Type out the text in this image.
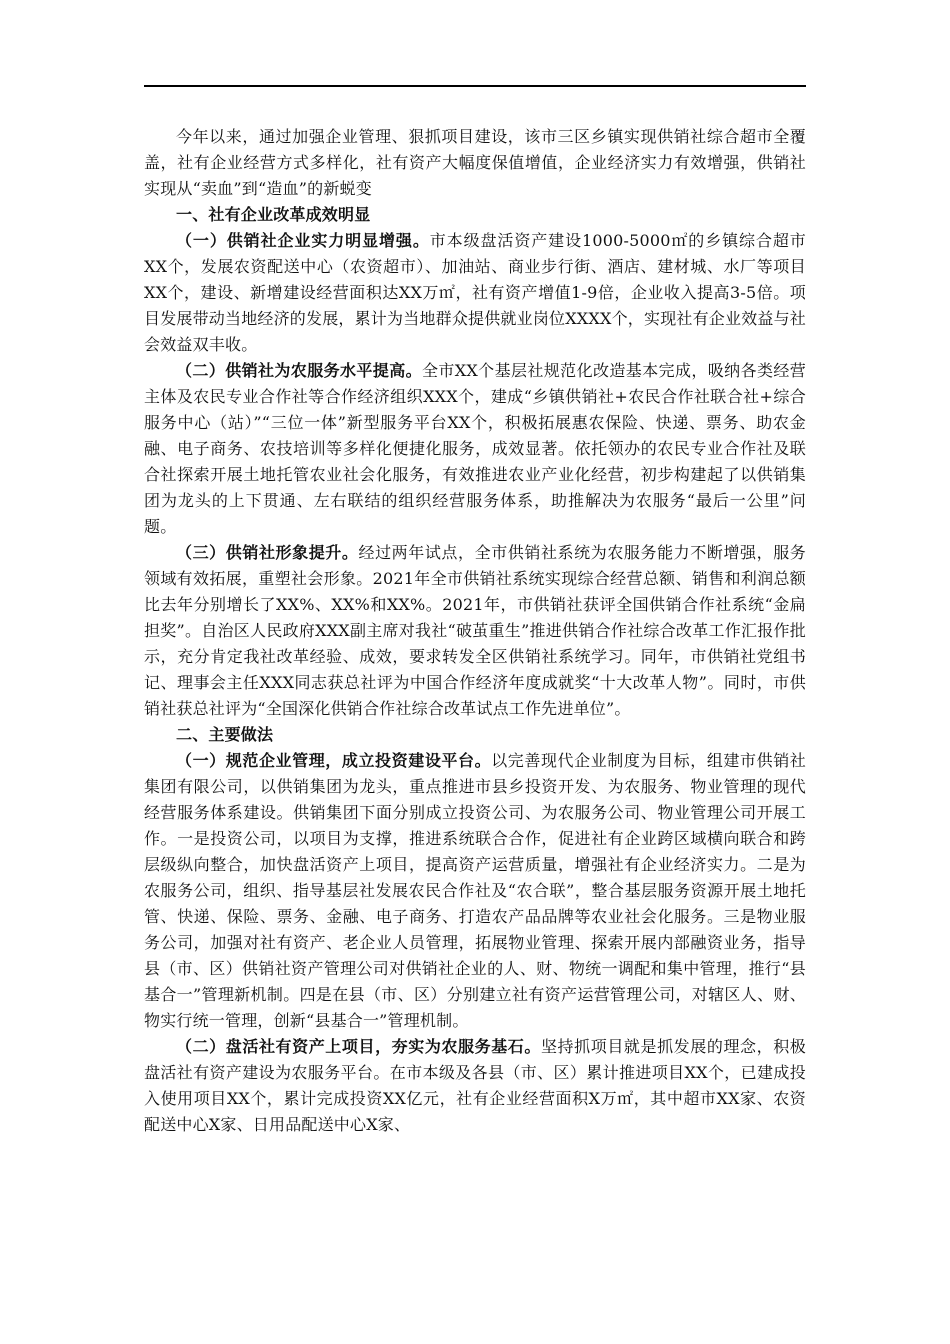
今年以来，通过加强企业管理、狠抓项目建设，该市三区乡镇实现供销社综合超市全覆盖，社有企业经营方式多样化，社有资产大幅度保值增值，企业经济实力有效增强，供销社实现从“卖血”到“造血”的新蜕变

一、社有企业改革成效明显

（一）供销社企业实力明显增强。市本级盘活资产建设1000-5000㎡的乡镇综合超市XX个，发展农资配送中心（农资超市）、加油站、商业步行街、酒店、建材城、水厂等项目XX个，建设、新增建设经营面积达XX万㎡，社有资产增值1-9倍，企业收入提高3-5倍。项目发展带动当地经济的发展，累计为当地群众提供就业岗位XXXX个，实现社有企业效益与社会效益双丰收。

（二）供销社为农服务水平提高。全市XX个基层社规范化改造基本完成，吸纳各类经营主体及农民专业合作社等合作经济组织XXX个，建成“乡镇供销社+农民合作社联合社+综合服务中心（站）”“三位一体”新型服务平台XX个，积极拓展惠农保险、快递、票务、助农金融、电子商务、农技培训等多样化便捷化服务，成效显著。依托领办的农民专业合作社及联合社探索开展土地托管农业社会化服务，有效推进农业产业化经营，初步构建起了以供销集团为龙头的上下贯通、左右联结的组织经营服务体系，助推解决为农服务“最后一公里”问题。

（三）供销社形象提升。经过两年试点，全市供销社系统为农服务能力不断增强，服务领域有效拓展，重塑社会形象。2021年全市供销社系统实现综合经营总额、销售和利润总额比去年分别增长了XX%、XX%和XX%。2021年，市供销社获评全国供销合作社系统“金扁担奖”。自治区人民政府XXX副主席对我社“破茧重生”推进供销合作社综合改革工作汇报作批示，充分肯定我社改革经验、成效，要求转发全区供销社系统学习。同年，市供销社党组书记、理事会主任XXX同志获总社评为中国合作经济年度成就奖“十大改革人物”。同时，市供销社获总社评为“全国深化供销合作社综合改革试点工作先进单位”。

二、主要做法

（一）规范企业管理，成立投资建设平台。以完善现代企业制度为目标，组建市供销社集团有限公司，以供销集团为龙头，重点推进市县乡投资开发、为农服务、物业管理的现代经营服务体系建设。供销集团下面分别成立投资公司、为农服务公司、物业管理公司开展工作。一是投资公司，以项目为支撑，推进系统联合合作，促进社有企业跨区域横向联合和跨层级纵向整合，加快盘活资产上项目，提高资产运营质量，增强社有企业经济实力。二是为农服务公司，组织、指导基层社发展农民合作社及“农合联”，整合基层服务资源开展土地托管、快递、保险、票务、金融、电子商务、打造农产品品牌等农业社会化服务。三是物业服务公司，加强对社有资产、老企业人员管理，拓展物业管理、探索开展内部融资业务，指导县（市、区）供销社资产管理公司对供销社企业的人、财、物统一调配和集中管理，推行“县基合一”管理新机制。四是在县（市、区）分别建立社有资产运营管理公司，对辖区人、财、物实行统一管理，创新“县基合一”管理机制。

（二）盘活社有资产上项目，夯实为农服务基石。坚持抓项目就是抓发展的理念，积极盘活社有资产建设为农服务平台。在市本级及各县（市、区）累计推进项目XX个，已建成投入使用项目XX个，累计完成投资XX亿元，社有企业经营面积X万㎡，其中超市XX家、农资配送中心X家、日用品配送中心X家、
